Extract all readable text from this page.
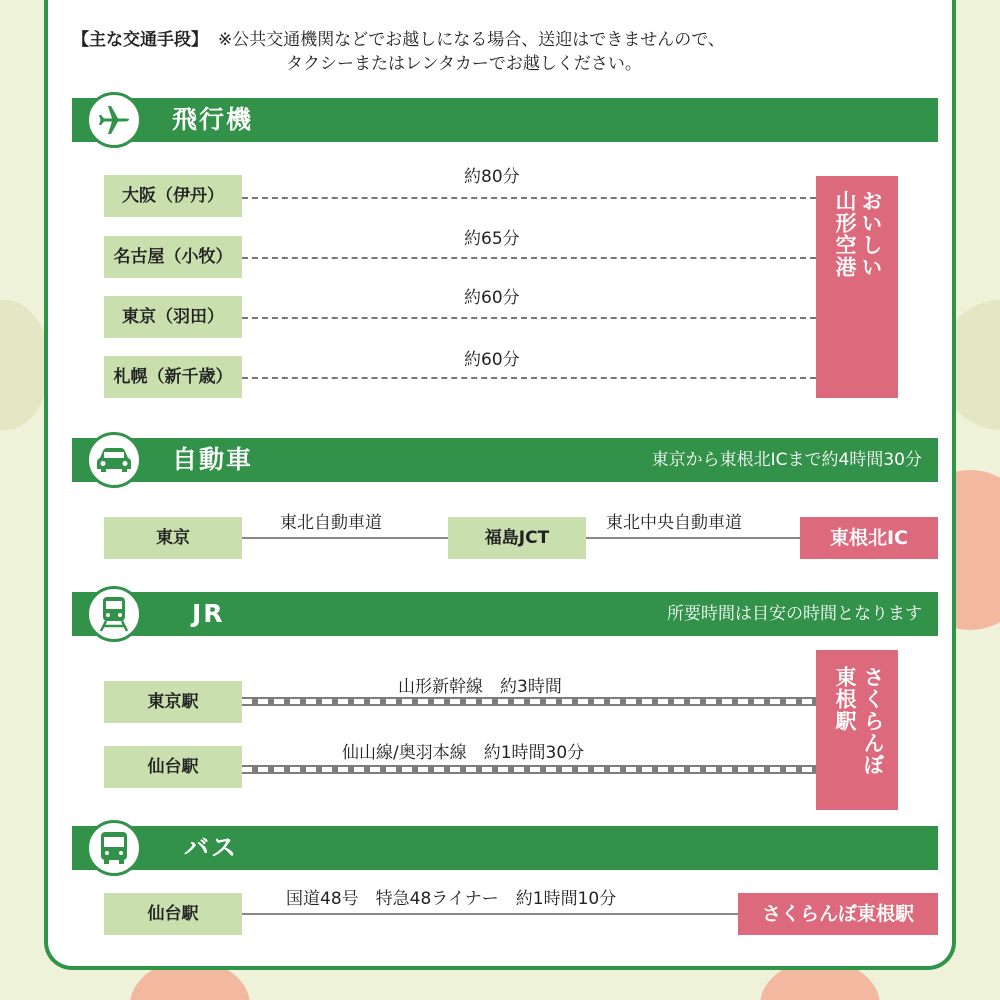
【主な交通手段】 ※公共交通機関などでお越しになる場合、送迎はできませんので、
タクシーまたはレンタカーでお越しください。
飛行機
大阪（伊丹）
名古屋（小牧）
東京（羽田）
札幌（新千歳）
約80分
約65分
約60分
約60分
おいしい
山形空港
自動車	東京から東根北ICまで約4時間30分
東京
東北自動車道
福島JCT
東北中央自動車道
東根北IC
JR	所要時間は目安の時間となります
東京駅
仙台駅
山形新幹線　約3時間
仙山線/奥羽本線　約1時間30分	さくらんぼ
東根駅
バス
仙台駅
国道48号　特急48ライナー　約1時間10分
さくらんぼ東根駅
